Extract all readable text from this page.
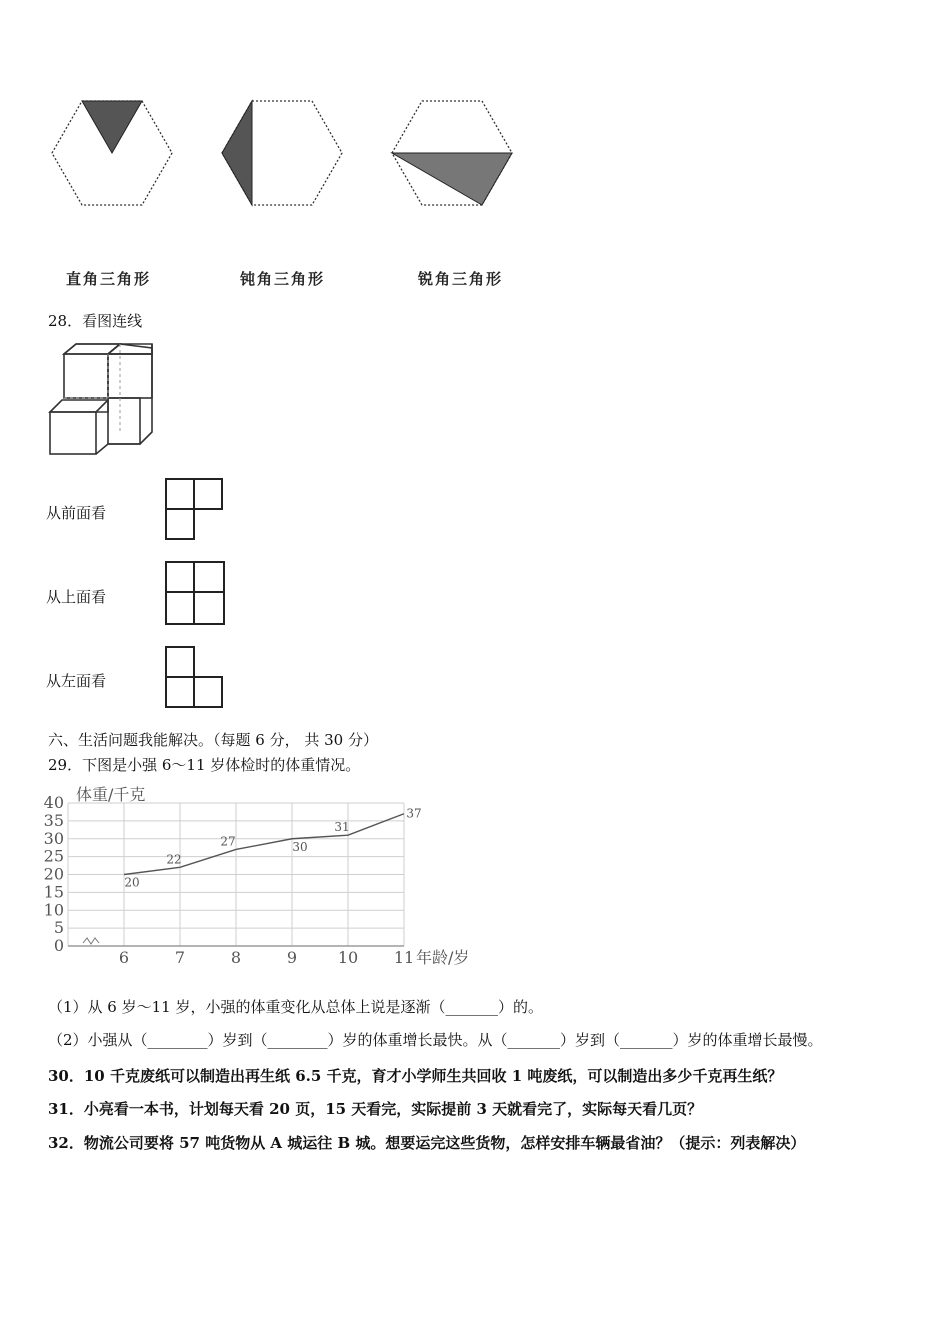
直角三角形	钝角三角形	锐角三角形
28．看图连线
从前面看
从上面看
从左面看
六、生活问题我能解决。（每题 6 分， 共 30 分）
29．下图是小强 6～11 岁体检时的体重情况。
0
5
10
15
20
25
30
35
40
6	7	8	9	10 11
20
22
27	30
31
37
体重/千克
年龄/岁
（1）从 6 岁～11 岁，小强的体重变化从总体上说是逐渐（_______）的。
（2）小强从（________）岁到（________）岁的体重增长最快。从（_______）岁到（_______）岁的体重增长最慢。
30．10 千克废纸可以制造出再生纸 6.5 千克，育才小学师生共回收 1 吨废纸，可以制造出多少千克再生纸？
31．小亮看一本书，计划每天看 20 页，15 天看完，实际提前 3 天就看完了，实际每天看几页？
32．物流公司要将 57 吨货物从 A 城运往 B 城。想要运完这些货物，怎样安排车辆最省油？（提示：列表解决）
